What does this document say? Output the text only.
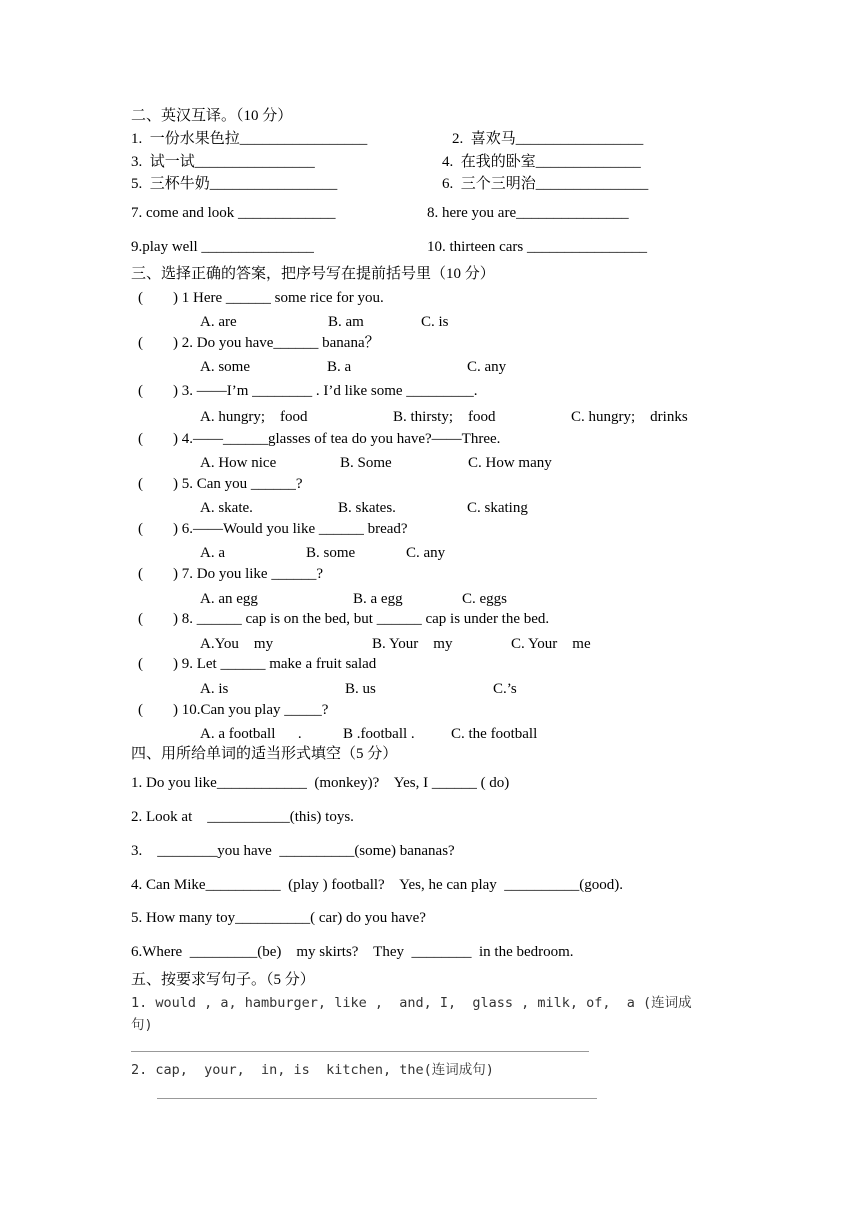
二、英汉互译。（10 分）
1.  一份水果色拉_________________	2.  喜欢马_________________
3.  试一试________________	4.  在我的卧室______________
5.  三杯牛奶_________________	6.  三个三明治_______________
7. come and look _____________	8. here you are_______________
9.play well _______________	10. thirteen cars ________________
三、选择正确的答案，把序号写在提前括号里（10 分）
(        ) 1 Here ______ some rice for you.
A. are	B. am	C. is
(        ) 2. Do you have______ banana？
A. some	B. a	C. any
(        ) 3. ——I’m ________ . I’d like some _________.
A. hungry;    food	B. thirsty;    food	C. hungry;    drinks
(        ) 4.——______glasses of tea do you have?——Three.
A. How nice	B. Some	C. How many
(        ) 5. Can you ______?
A. skate.	B. skates.	C. skating
(        ) 6.——Would you like ______ bread?
A. a	B. some	C. any
(        ) 7. Do you like ______?
A. an egg	B. a egg	C. eggs
(        ) 8. ______ cap is on the bed, but ______ cap is under the bed.
A.You    my	B. Your    my	C. Your    me
(        ) 9. Let ______ make a fruit salad
A. is	B. us	C.’s
(        ) 10.Can you play _____?
A. a football      .	B .football . C. the football
四、用所给单词的适当形式填空（5 分）
1. Do you like____________  (monkey)?    Yes, I ______ ( do)
2. Look at    ___________(this) toys.
3.    ________you have  __________(some) bananas?
4. Can Mike__________  (play ) football?    Yes, he can play  __________(good).
5. How many toy__________( car) do you have?
6.Where  _________(be)    my skirts?    They  ________  in the bedroom.
五、按要求写句子。（5 分）
1. would , a, hamburger, like ,  and, I,  glass , milk, of,  a (连词成
句)
2. cap,  your,  in, is  kitchen, the(连词成句)
